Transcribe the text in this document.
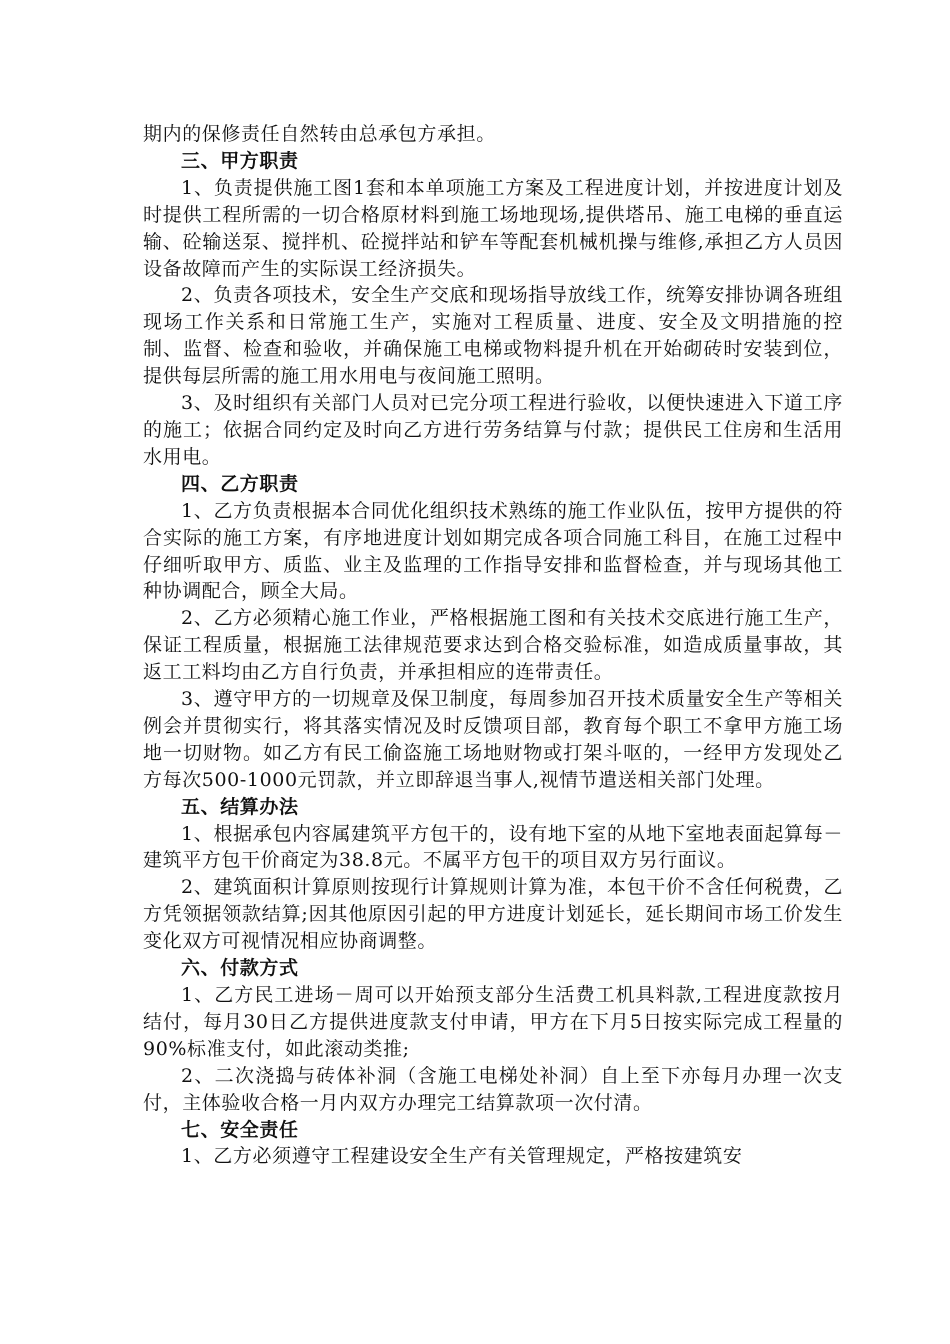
期内的保修责任自然转由总承包方承担。

三、甲方职责

1、负责提供施工图1套和本单项施工方案及工程进度计划，并按进度计划及时提供工程所需的一切合格原材料到施工场地现场,提供塔吊、施工电梯的垂直运输、砼输送泵、搅拌机、砼搅拌站和铲车等配套机械机操与维修,承担乙方人员因设备故障而产生的实际误工经济损失。

2、负责各项技术，安全生产交底和现场指导放线工作，统筹安排协调各班组现场工作关系和日常施工生产，实施对工程质量、进度、安全及文明措施的控制、监督、检查和验收，并确保施工电梯或物料提升机在开始砌砖时安装到位，提供每层所需的施工用水用电与夜间施工照明。

3、及时组织有关部门人员对已完分项工程进行验收，以便快速进入下道工序的施工；依据合同约定及时向乙方进行劳务结算与付款；提供民工住房和生活用水用电。

四、乙方职责

1、乙方负责根据本合同优化组织技术熟练的施工作业队伍，按甲方提供的符合实际的施工方案，有序地进度计划如期完成各项合同施工科目，在施工过程中仔细听取甲方、质监、业主及监理的工作指导安排和监督检查，并与现场其他工种协调配合，顾全大局。

2、乙方必须精心施工作业，严格根据施工图和有关技术交底进行施工生产，保证工程质量，根据施工法律规范要求达到合格交验标准，如造成质量事故，其返工工料均由乙方自行负责，并承担相应的连带责任。

3、遵守甲方的一切规章及保卫制度，每周参加召开技术质量安全生产等相关例会并贯彻实行，将其落实情况及时反馈项目部，教育每个职工不拿甲方施工场地一切财物。如乙方有民工偷盗施工场地财物或打架斗呕的，一经甲方发现处乙方每次500-1000元罚款，并立即辞退当事人,视情节遣送相关部门处理。

五、结算办法

1、根据承包内容属建筑平方包干的，设有地下室的从地下室地表面起算每－建筑平方包干价商定为38.8元。不属平方包干的项目双方另行面议。

2、建筑面积计算原则按现行计算规则计算为准，本包干价不含任何税费，乙方凭领据领款结算;因其他原因引起的甲方进度计划延长，延长期间市场工价发生变化双方可视情况相应协商调整。

六、付款方式

1、乙方民工进场－周可以开始预支部分生活费工机具料款,工程进度款按月结付，每月30日乙方提供进度款支付申请，甲方在下月5日按实际完成工程量的90%标准支付，如此滚动类推;

2、二次浇捣与砖体补洞（含施工电梯处补洞）自上至下亦每月办理一次支付，主体验收合格一月内双方办理完工结算款项一次付清。

七、安全责任

1、乙方必须遵守工程建设安全生产有关管理规定，严格按建筑安
